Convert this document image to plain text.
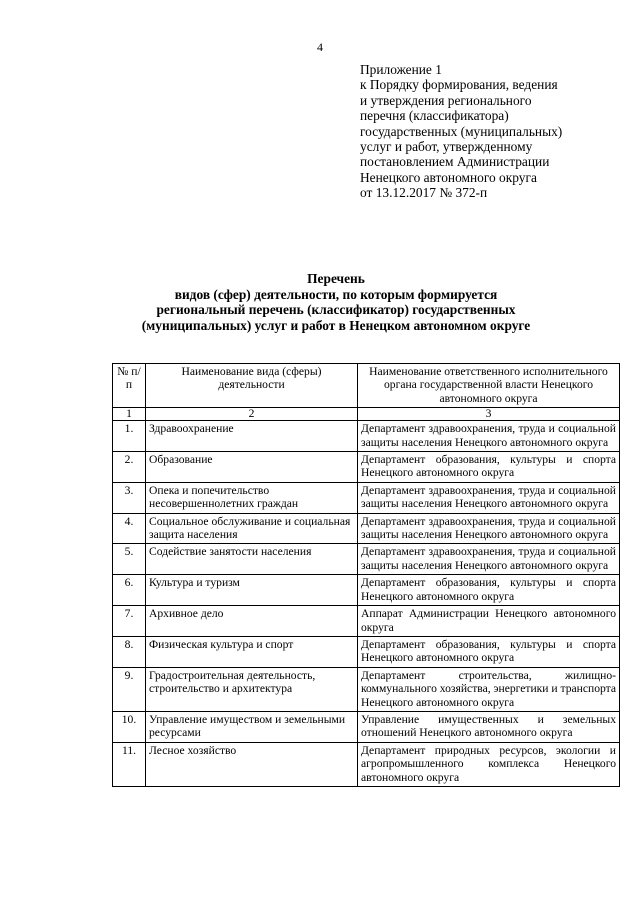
4
Приложение 1
к Порядку формирования, ведения
и утверждения регионального
перечня (классификатора)
государственных (муниципальных)
услуг и работ, утвержденному
постановлением Администрации
Ненецкого автономного округа
от 13.12.2017 № 372-п
Перечень
видов (сфер) деятельности, по которым формируется
региональный перечень (классификатор) государственных
(муниципальных) услуг и работ в Ненецком автономном округе
№ п/п	Наименование вида (сферы) деятельности	Наименование ответственного исполнительного органа государственной власти Ненецкого автономного округа
1	2	3
1.	Здравоохранение	Департамент здравоохранения, труда и социальной защиты населения Ненецкого автономного округа
2.	Образование	Департамент образования, культуры и спорта Ненецкого автономного округа
3.	Опека и попечительство несовершеннолетних граждан	Департамент здравоохранения, труда и социальной защиты населения Ненецкого автономного округа
4.	Социальное обслуживание и социальная защита населения	Департамент здравоохранения, труда и социальной защиты населения Ненецкого автономного округа
5.	Содействие занятости населения	Департамент здравоохранения, труда и социальной защиты населения Ненецкого автономного округа
6.	Культура и туризм	Департамент образования, культуры и спорта Ненецкого автономного округа
7.	Архивное дело	Аппарат Администрации Ненецкого автономного округа
8.	Физическая культура и спорт	Департамент образования, культуры и спорта Ненецкого автономного округа
9.	Градостроительная деятельность, строительство и архитектура	Департамент строительства, жилищно-коммунального хозяйства, энергетики и транспорта Ненецкого автономного округа
10.	Управление имуществом и земельными ресурсами	Управление имущественных и земельных отношений Ненецкого автономного округа
11.	Лесное хозяйство	Департамент природных ресурсов, экологии и агропромышленного комплекса Ненецкого автономного округа
